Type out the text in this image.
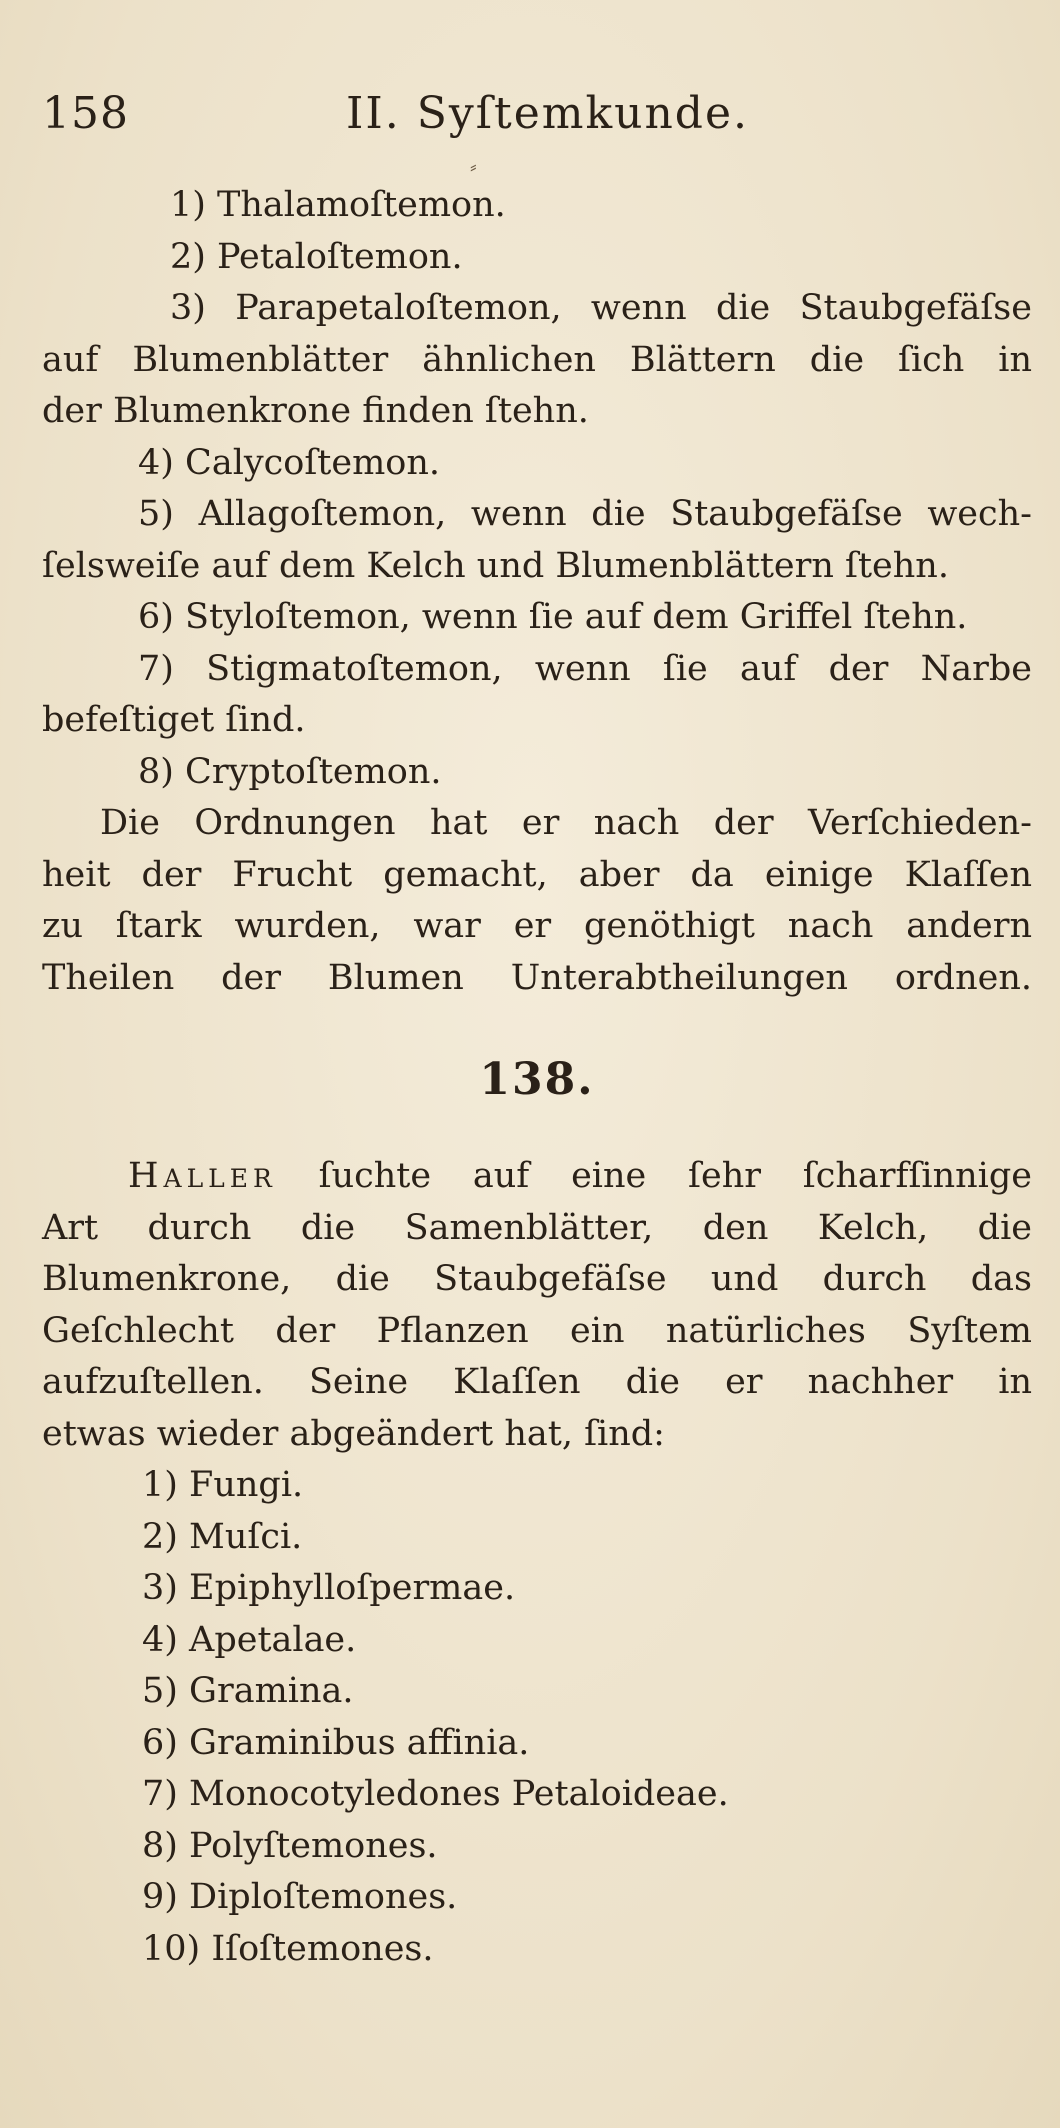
158	II. Syſtemkunde.
⸗
1) Thalamoſtemon.
2) Petaloſtemon.
3) Parapetaloſtemon, wenn die Staubgefäſse
auf Blumenblätter ähnlichen Blättern die ſich in
der Blumenkrone finden ſtehn.
4) Calycoſtemon.
5) Allagoſtemon, wenn die Staubgefäſse wech-
ſelsweiſe auf dem Kelch und Blumenblättern ſtehn.
6) Styloſtemon, wenn ſie auf dem Griffel ſtehn.
7) Stigmatoſtemon, wenn ſie auf der Narbe
befeſtiget ſind.
8) Cryptoſtemon.
Die Ordnungen hat er nach der Verſchieden-
heit der Frucht gemacht, aber da einige Klaſſen
zu ſtark wurden, war er genöthigt nach andern
Theilen der Blumen Unterabtheilungen ordnen.
138.
Haller ſuchte auf eine ſehr ſcharfſinnige
Art durch die Samenblätter, den Kelch, die
Blumenkrone, die Staubgefäſse und durch das
Geſchlecht der Pflanzen ein natürliches Syſtem
aufzuſtellen. Seine Klaſſen die er nachher in
etwas wieder abgeändert hat, ſind:
1) Fungi.
2) Muſci.
3) Epiphylloſpermae.
4) Apetalae.
5) Gramina.
6) Graminibus affinia.
7) Monocotyledones Petaloideae.
8) Polyſtemones.
9) Diploſtemones.
10) Iſoſtemones.
